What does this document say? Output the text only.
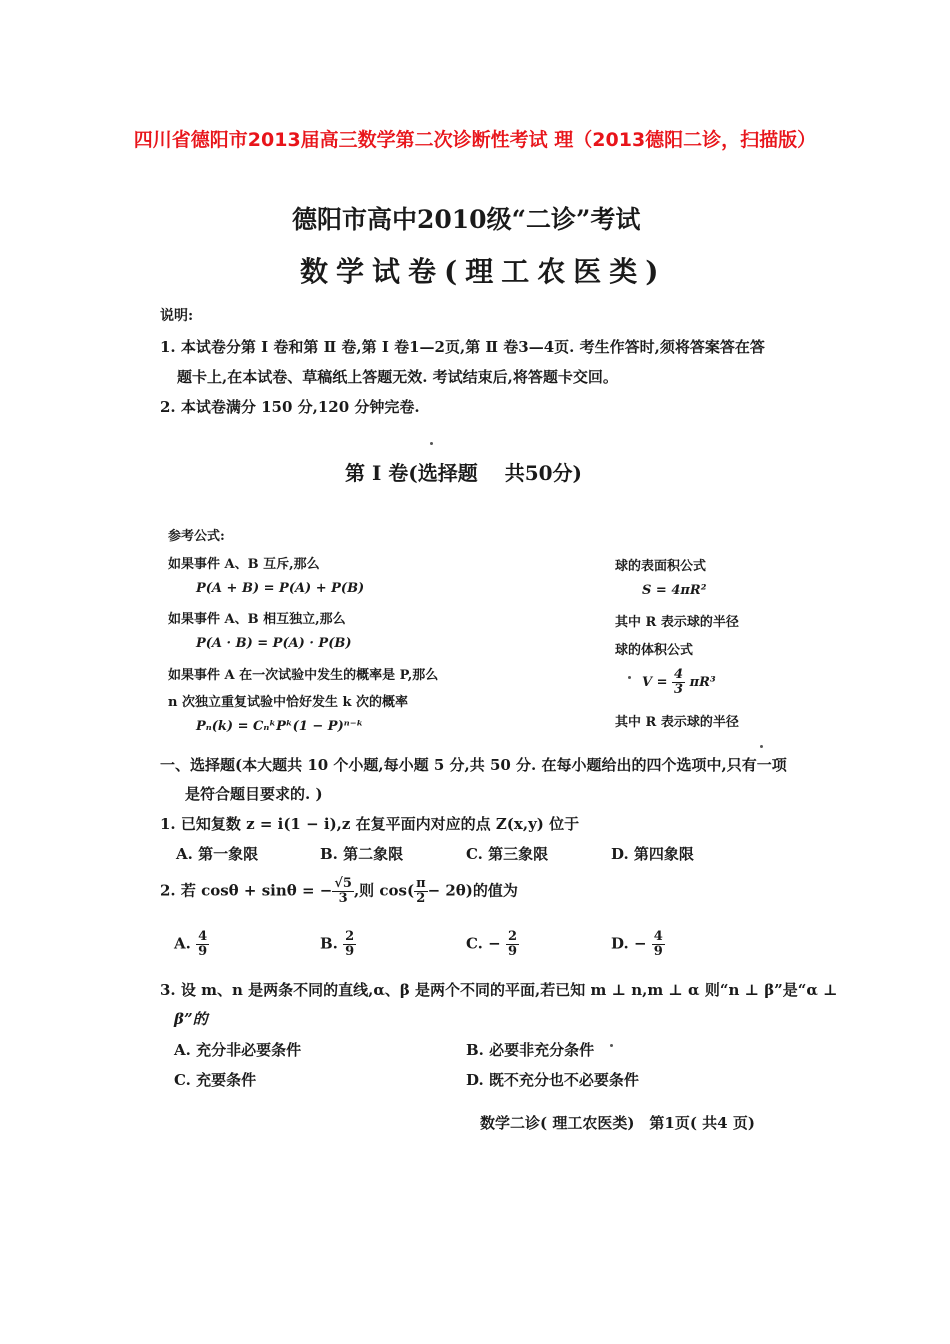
四川省德阳市2013届高三数学第二次诊断性考试 理（2013德阳二诊，扫描版）
德阳市高中2010级“二诊”考试
数学试卷(理工农医类)
说明:
1. 本试卷分第 Ⅰ 卷和第 Ⅱ 卷,第 Ⅰ 卷1—2页,第 Ⅱ 卷3—4页. 考生作答时,须将答案答在答
题卡上,在本试卷、草稿纸上答题无效. 考试结束后,将答题卡交回。
2. 本试卷满分 150 分,120 分钟完卷.
第 Ⅰ 卷(选择题　 共50分)
参考公式:
如果事件 A、B 互斥,那么
P(A + B) = P(A) + P(B)
如果事件 A、B 相互独立,那么
P(A · B) = P(A) · P(B)
如果事件 A 在一次试验中发生的概率是 P,那么
n 次独立重复试验中恰好发生 k 次的概率
Pₙ(k) = CₙᵏPᵏ(1 − P)ⁿ⁻ᵏ
球的表面积公式
S = 4πR²
其中 R 表示球的半径
球的体积公式
$V = \frac{4}{3} \pi R^3$
其中 R 表示球的半径
一、选择题(本大题共 10 个小题,每小题 5 分,共 50 分. 在每小题给出的四个选项中,只有一项
是符合题目要求的. )
1. 已知复数 z = i(1 − i),z 在复平面内对应的点 Z(x,y) 位于
A. 第一象限	B. 第二象限	C. 第三象限	D. 第四象限
2. 若 cosθ + sinθ = − $\frac{√5}{3}$ ,则 $\cos( \frac{\pi}{2} - 2\theta)$的值为
A. $\frac{4}{9}$	B. $\frac{2}{9}$	C. − $\frac{2}{9}$	D. − $\frac{4}{9}$
3. 设 m、n 是两条不同的直线,α、β 是两个不同的平面,若已知 m ⊥ n,m ⊥ α 则“n ⊥ β”是“α ⊥
β”的
A. 充分非必要条件	B. 必要非充分条件
C. 充要条件	D. 既不充分也不必要条件
数学二诊( 理工农医类)　第1页( 共4 页)
